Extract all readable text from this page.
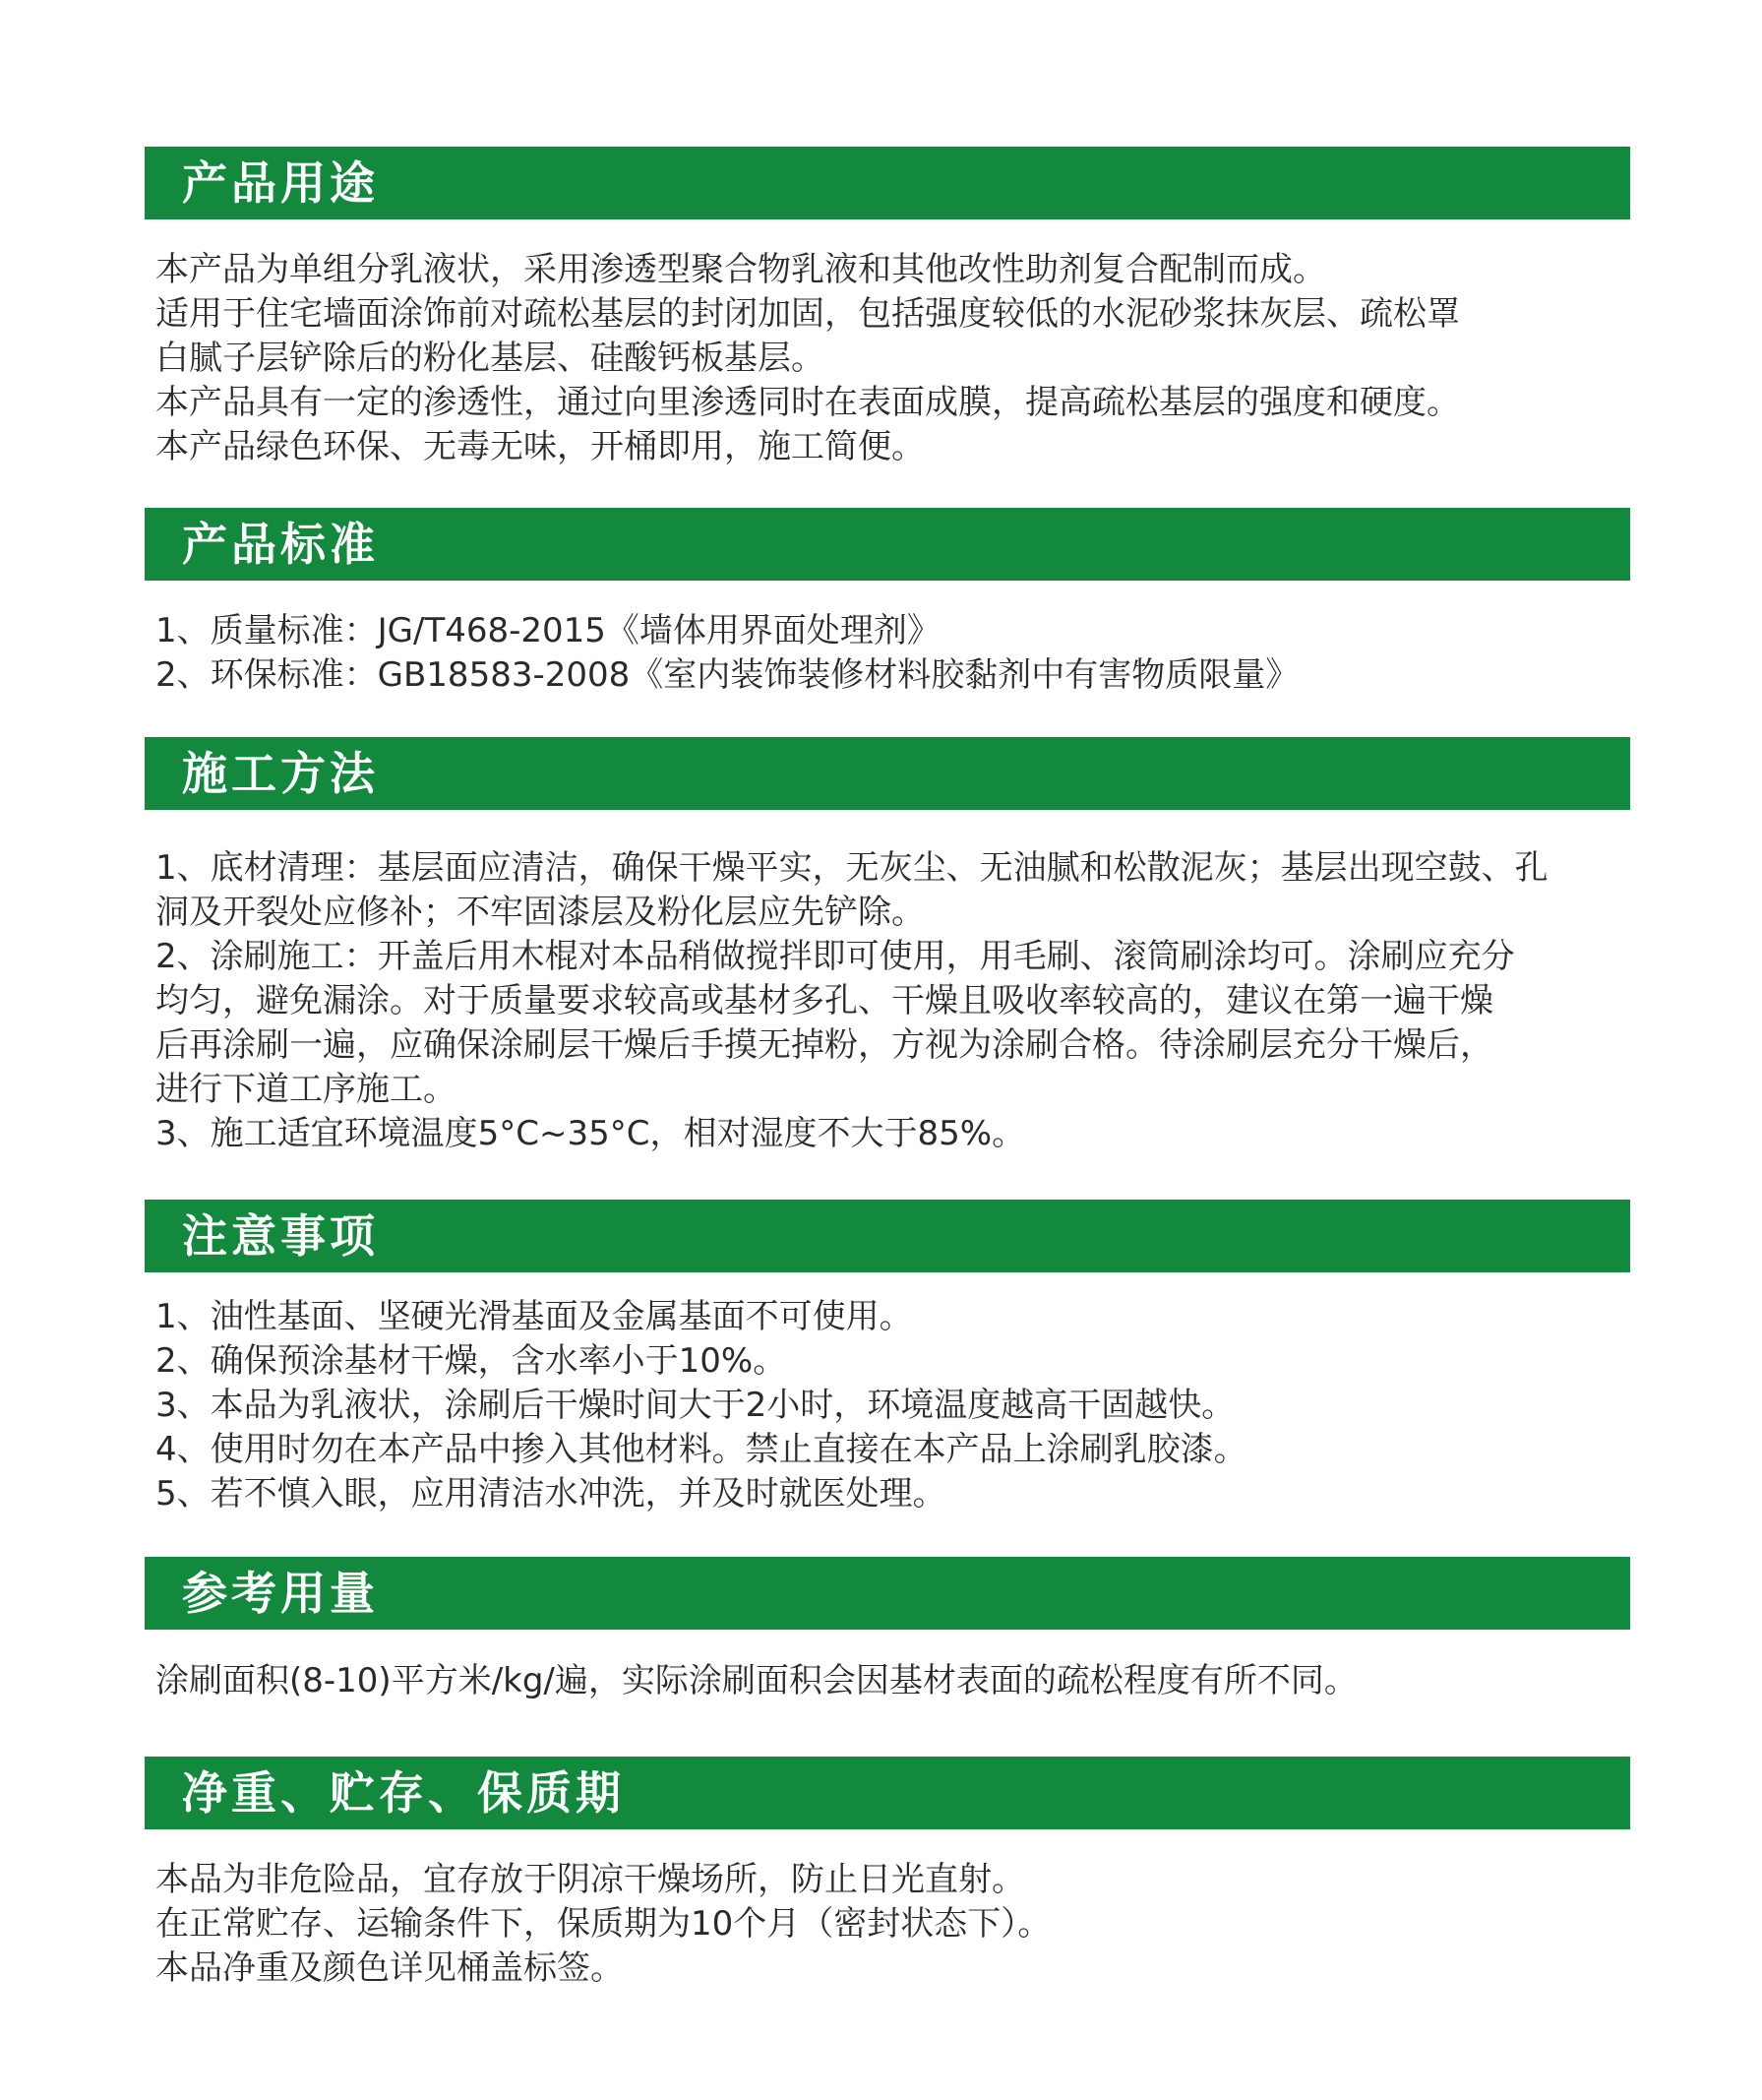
产品用途

本产品为单组分乳液状，采用渗透型聚合物乳液和其他改性助剂复合配制而成。

适用于住宅墙面涂饰前对疏松基层的封闭加固，包括强度较低的水泥砂浆抹灰层、疏松罩

白腻子层铲除后的粉化基层、硅酸钙板基层。

本产品具有一定的渗透性，通过向里渗透同时在表面成膜，提高疏松基层的强度和硬度。

本产品绿色环保、无毒无味，开桶即用，施工简便。

产品标准

1、质量标准：JG/T468-2015《墙体用界面处理剂》

2、环保标准：GB18583-2008《室内装饰装修材料胶黏剂中有害物质限量》

施工方法

1、底材清理：基层面应清洁，确保干燥平实，无灰尘、无油腻和松散泥灰；基层出现空鼓、孔

洞及开裂处应修补；不牢固漆层及粉化层应先铲除。

2、涂刷施工：开盖后用木棍对本品稍做搅拌即可使用，用毛刷、滚筒刷涂均可。涂刷应充分

均匀，避免漏涂。对于质量要求较高或基材多孔、干燥且吸收率较高的，建议在第一遍干燥

后再涂刷一遍，应确保涂刷层干燥后手摸无掉粉，方视为涂刷合格。待涂刷层充分干燥后，

进行下道工序施工。

3、施工适宜环境温度5°C~35°C，相对湿度不大于85%。

注意事项

1、油性基面、坚硬光滑基面及金属基面不可使用。

2、确保预涂基材干燥，含水率小于10%。

3、本品为乳液状，涂刷后干燥时间大于2小时，环境温度越高干固越快。

4、使用时勿在本产品中掺入其他材料。禁止直接在本产品上涂刷乳胶漆。

5、若不慎入眼，应用清洁水冲洗，并及时就医处理。

参考用量

涂刷面积(8-10)平方米/kg/遍，实际涂刷面积会因基材表面的疏松程度有所不同。

净重、贮存、保质期

本品为非危险品，宜存放于阴凉干燥场所，防止日光直射。

在正常贮存、运输条件下，保质期为10个月（密封状态下）。

本品净重及颜色详见桶盖标签。
